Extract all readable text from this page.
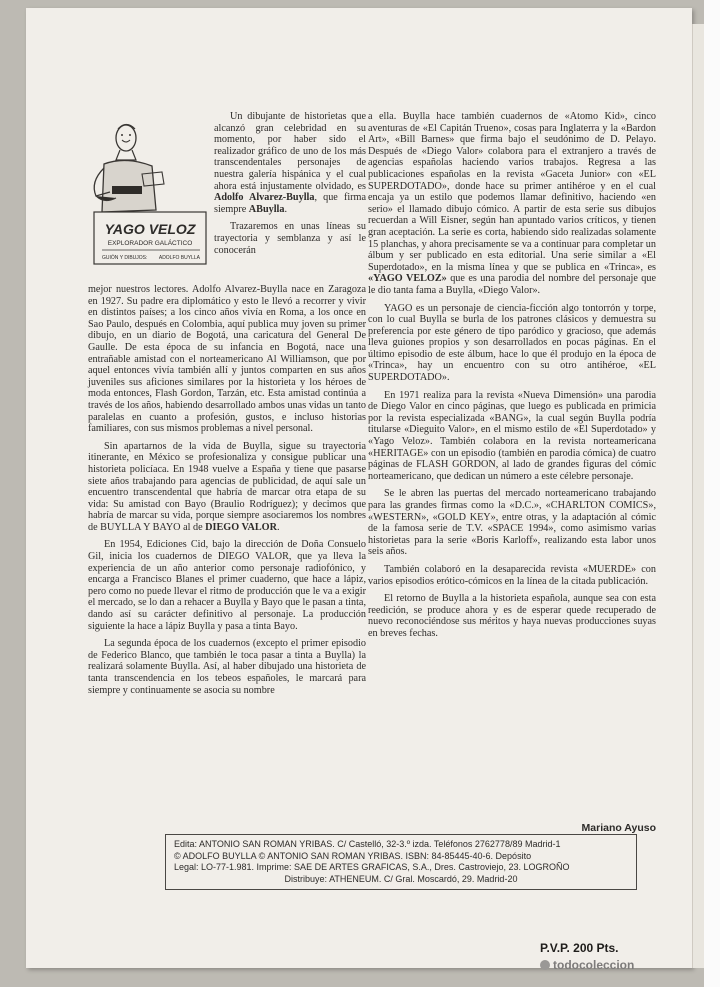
YAGO VELOZ
EXPLORADOR GALÁCTICO
GUIÓN Y DIBUJOS: ADOLFO BUYLLA

Un dibujante de historietas que alcanzó gran celebridad en su momento, por haber sido el realizador gráfico de uno de los más transcendentales personajes de nuestra galería hispánica y el cual ahora está injustamente olvidado, es Adolfo Alvarez-Buylla, que firma siempre ABuylla.

Trazaremos en unas líneas su trayectoria y semblanza y así le conocerán

mejor nuestros lectores. Adolfo Alvarez-Buylla nace en Zaragoza en 1927. Su padre era diplomático y esto le llevó a recorrer y vivir en distintos países; a los cinco años vivía en Roma, a los once en Sao Paulo, después en Colombia, aquí publica muy joven su primer dibujo, en un diario de Bogotá, una caricatura del General De Gaulle. De esta época de su infancia en Bogotá, nace una entrañable amistad con el norteamericano Al Williamson, que por aquel entonces vivía también allí y juntos comparten en sus años juveniles sus aficiones similares por la historieta y los héroes de moda entonces, Flash Gordon, Tarzán, etc. Esta amistad continúa a través de los años, habiendo desarrollado ambos unas vidas un tanto paralelas en cuanto a profesión, gustos, e incluso historias familiares, con sus mismos problemas a nivel personal.

Sin apartarnos de la vida de Buylla, sigue su trayectoria itinerante, en México se profesionaliza y consigue publicar una historieta policíaca. En 1948 vuelve a España y tiene que pasarse siete años trabajando para agencias de publicidad, de aquí sale un encuentro transcendental que habría de marcar otra etapa de su vida: Su amistad con Bayo (Braulio Rodríguez); y decimos que habría de marcar su vida, porque siempre asociaremos los nombres de BUYLLA Y BAYO al de DIEGO VALOR.

En 1954, Ediciones Cid, bajo la dirección de Doña Consuelo Gil, inicia los cuadernos de DIEGO VALOR, que ya lleva la experiencia de un año anterior como personaje radiofónico, y encarga a Francisco Blanes el primer cuaderno, que hace a lápiz, pero como no puede llevar el ritmo de producción que le va a exigir el mercado, se lo dan a rehacer a Buylla y Bayo que le pasan a tinta, dando así su carácter definitivo al personaje. La producción siguiente la hace a lápiz Buylla y pasa a tinta Bayo.

La segunda época de los cuadernos (excepto el primer episodio de Federico Blanco, que también le toca pasar a tinta a Buylla) la realizará solamente Buylla. Así, al haber dibujado una historieta de tanta transcendencia en los tebeos españoles, le marcará para siempre y continuamente se asocia su nombre

a ella. Buylla hace también cuadernos de «Atomo Kid», cinco aventuras de «El Capitán Trueno», cosas para Inglaterra y la «Bardon Art», «Bill Barnes» que firma bajo el seudónimo de D. Pelayo. Después de «Diego Valor» colabora para el extranjero a través de agencias españolas haciendo varios trabajos. Regresa a las publicaciones españolas en la revista «Gaceta Junior» con «EL SUPERDOTADO», donde hace su primer antihéroe y en el cual encaja ya un estilo que podemos llamar definitivo, haciendo «en serio» el llamado dibujo cómico. A partir de esta serie sus dibujos recuerdan a Will Eisner, según han apuntado varios críticos, y tienen gran aceptación. La serie es corta, habiendo sido realizadas solamente 15 planchas, y ahora precisamente se va a continuar para completar un álbum y ser publicado en esta editorial. Una serie similar a «El Superdotado», en la misma línea y que se publica en «Trinca», es «YAGO VELOZ» que es una parodia del nombre del personaje que le dio tanta fama a Buylla, «Diego Valor».

YAGO es un personaje de ciencia-ficción algo tontorrón y torpe, con lo cual Buylla se burla de los patrones clásicos y demuestra su preferencia por este género de tipo paródico y gracioso, que además lleva guiones propios y son desarrollados en pocas páginas. En el último episodio de este álbum, hace lo que él produjo en la época de «Trinca», hay un encuentro con su otro antihéroe, «EL SUPERDOTADO».

En 1971 realiza para la revista «Nueva Dimensión» una parodia de Diego Valor en cinco páginas, que luego es publicada en primicia por la revista especializada «BANG», la cual según Buylla podría titularse «Dieguito Valor», en el mismo estilo de «El Superdotado» y «Yago Veloz». También colabora en la revista norteamericana «HERITAGE» con un episodio (también en parodia cómica) de cuatro páginas de FLASH GORDON, al lado de grandes figuras del cómic norteamericano, que dedican un número a este célebre personaje.

Se le abren las puertas del mercado norteamericano trabajando para las grandes firmas como la «D.C.», «CHARLTON COMICS», «WESTERN», «GOLD KEY», entre otras, y la adaptación al cómic de la famosa serie de T.V. «SPACE 1994», como asimismo varias historietas para la serie «Boris Karloff», realizando esta labor unos seis años.

También colaboró en la desaparecida revista «MUERDE» con varios episodios erótico-cómicos en la línea de la citada publicación.

El retorno de Buylla a la historieta española, aunque sea con esta reedición, se produce ahora y es de esperar quede recuperado de nuevo reconociéndose sus méritos y haya nuevas producciones suyas en breves fechas.

Mariano Ayuso
Edita: ANTONIO SAN ROMAN YRIBAS. C/ Castelló, 32-3.º izda. Teléfonos 2762778/89 Madrid-1
© ADOLFO BUYLLA © ANTONIO SAN ROMAN YRIBAS. ISBN: 84-85445-40-6. Depósito
Legal: LO-77-1.981. Imprime: SAE DE ARTES GRAFICAS, S.A., Dres. Castroviejo, 23. LOGROÑO
Distribuye: ATHENEUM. C/ Gral. Moscardó, 29. Madrid-20
P.V.P. 200 Pts.
todocoleccion
